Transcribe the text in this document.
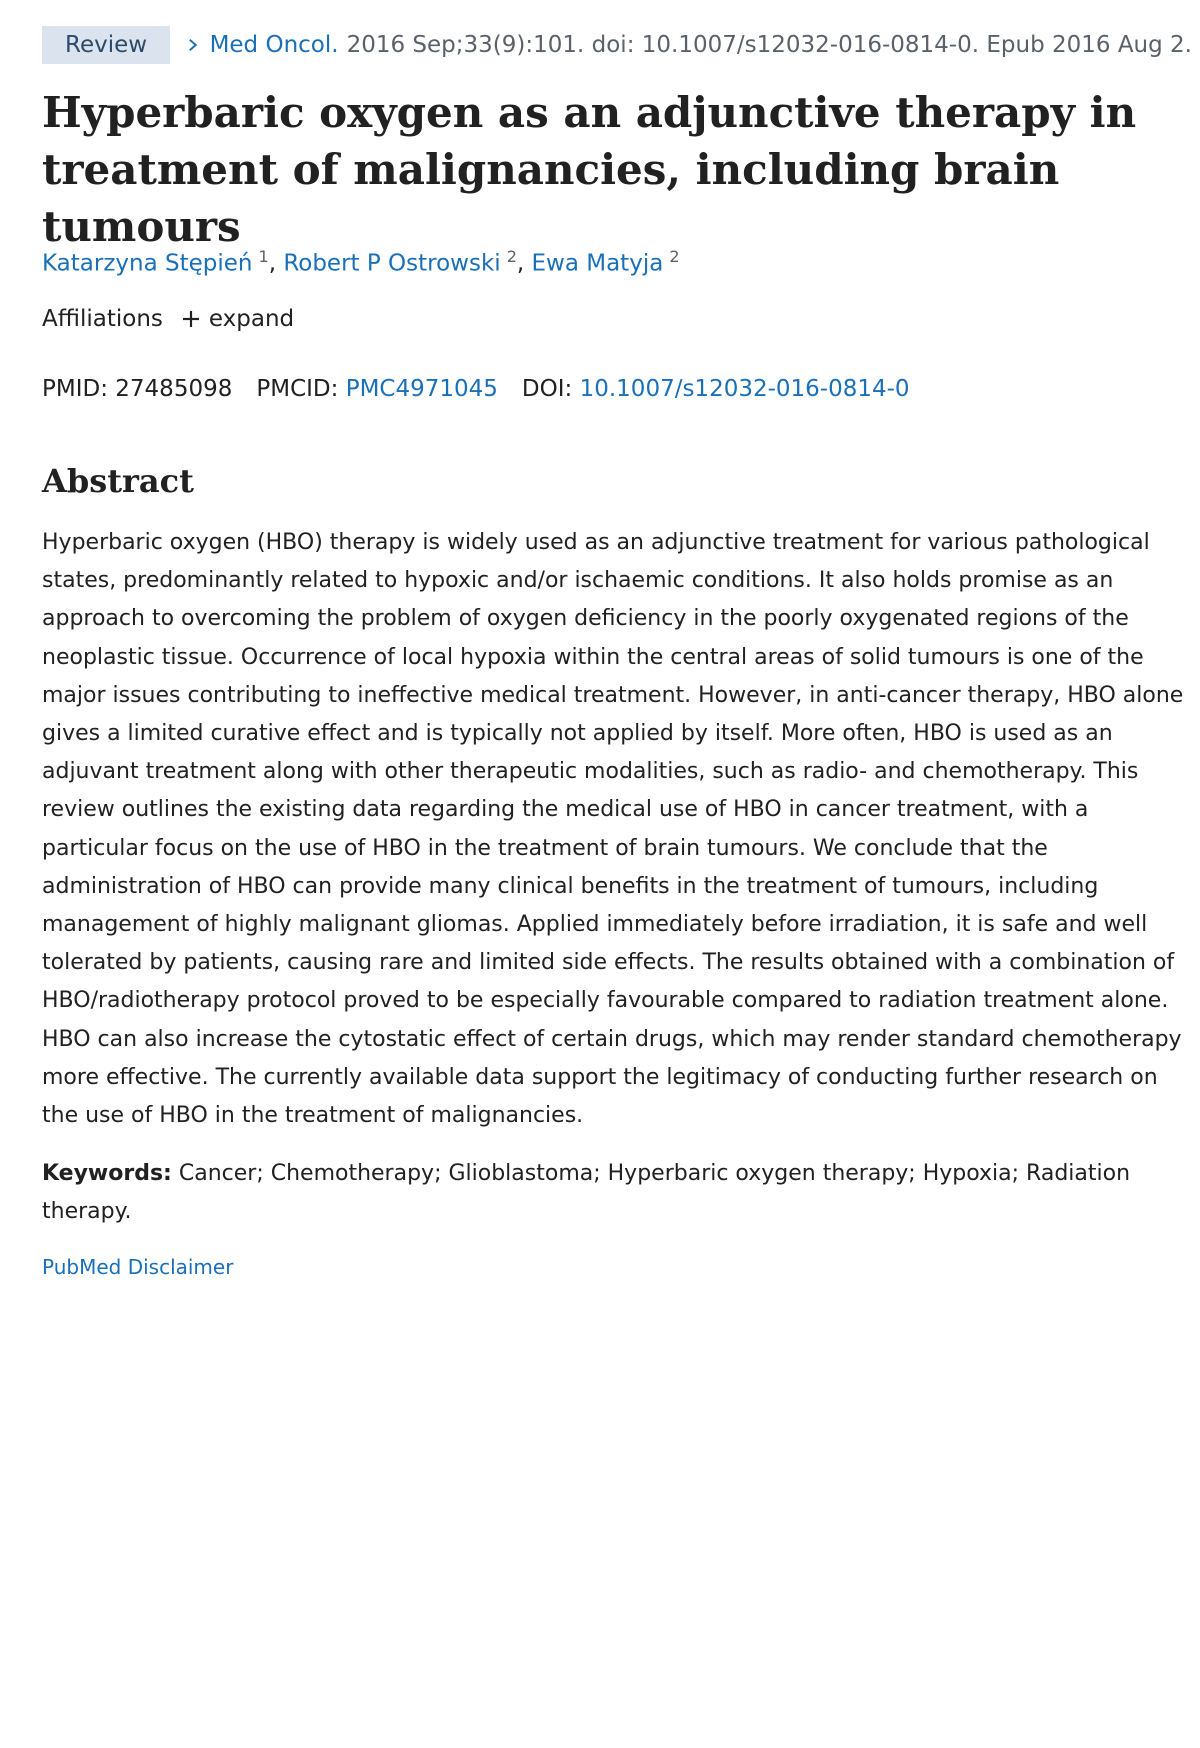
Review	Med Oncol. 2016 Sep;33(9):101. doi: 10.1007/s12032-016-0814-0. Epub 2016 Aug 2.
Hyperbaric oxygen as an adjunctive therapy in treatment of malignancies, including brain tumours
Katarzyna Stępień $^1$, Robert P Ostrowski $^2$, Ewa Matyja $^2$
Affiliations expand
PMID: 27485098 PMCID: PMC4971045 DOI: 10.1007/s12032-016-0814-0
Abstract

Hyperbaric oxygen (HBO) therapy is widely used as an adjunctive treatment for various pathological states, predominantly related to hypoxic and/or ischaemic conditions. It also holds promise as an approach to overcoming the problem of oxygen deficiency in the poorly oxygenated regions of the neoplastic tissue. Occurrence of local hypoxia within the central areas of solid tumours is one of the major issues contributing to ineffective medical treatment. However, in anti-cancer therapy, HBO alone gives a limited curative effect and is typically not applied by itself. More often, HBO is used as an adjuvant treatment along with other therapeutic modalities, such as radio- and chemotherapy. This review outlines the existing data regarding the medical use of HBO in cancer treatment, with a particular focus on the use of HBO in the treatment of brain tumours. We conclude that the administration of HBO can provide many clinical benefits in the treatment of tumours, including management of highly malignant gliomas. Applied immediately before irradiation, it is safe and well tolerated by patients, causing rare and limited side effects. The results obtained with a combination of HBO/radiotherapy protocol proved to be especially favourable compared to radiation treatment alone. HBO can also increase the cytostatic effect of certain drugs, which may render standard chemotherapy more effective. The currently available data support the legitimacy of conducting further research on the use of HBO in the treatment of malignancies.

Keywords: Cancer; Chemotherapy; Glioblastoma; Hyperbaric oxygen therapy; Hypoxia; Radiation therapy.

PubMed Disclaimer
